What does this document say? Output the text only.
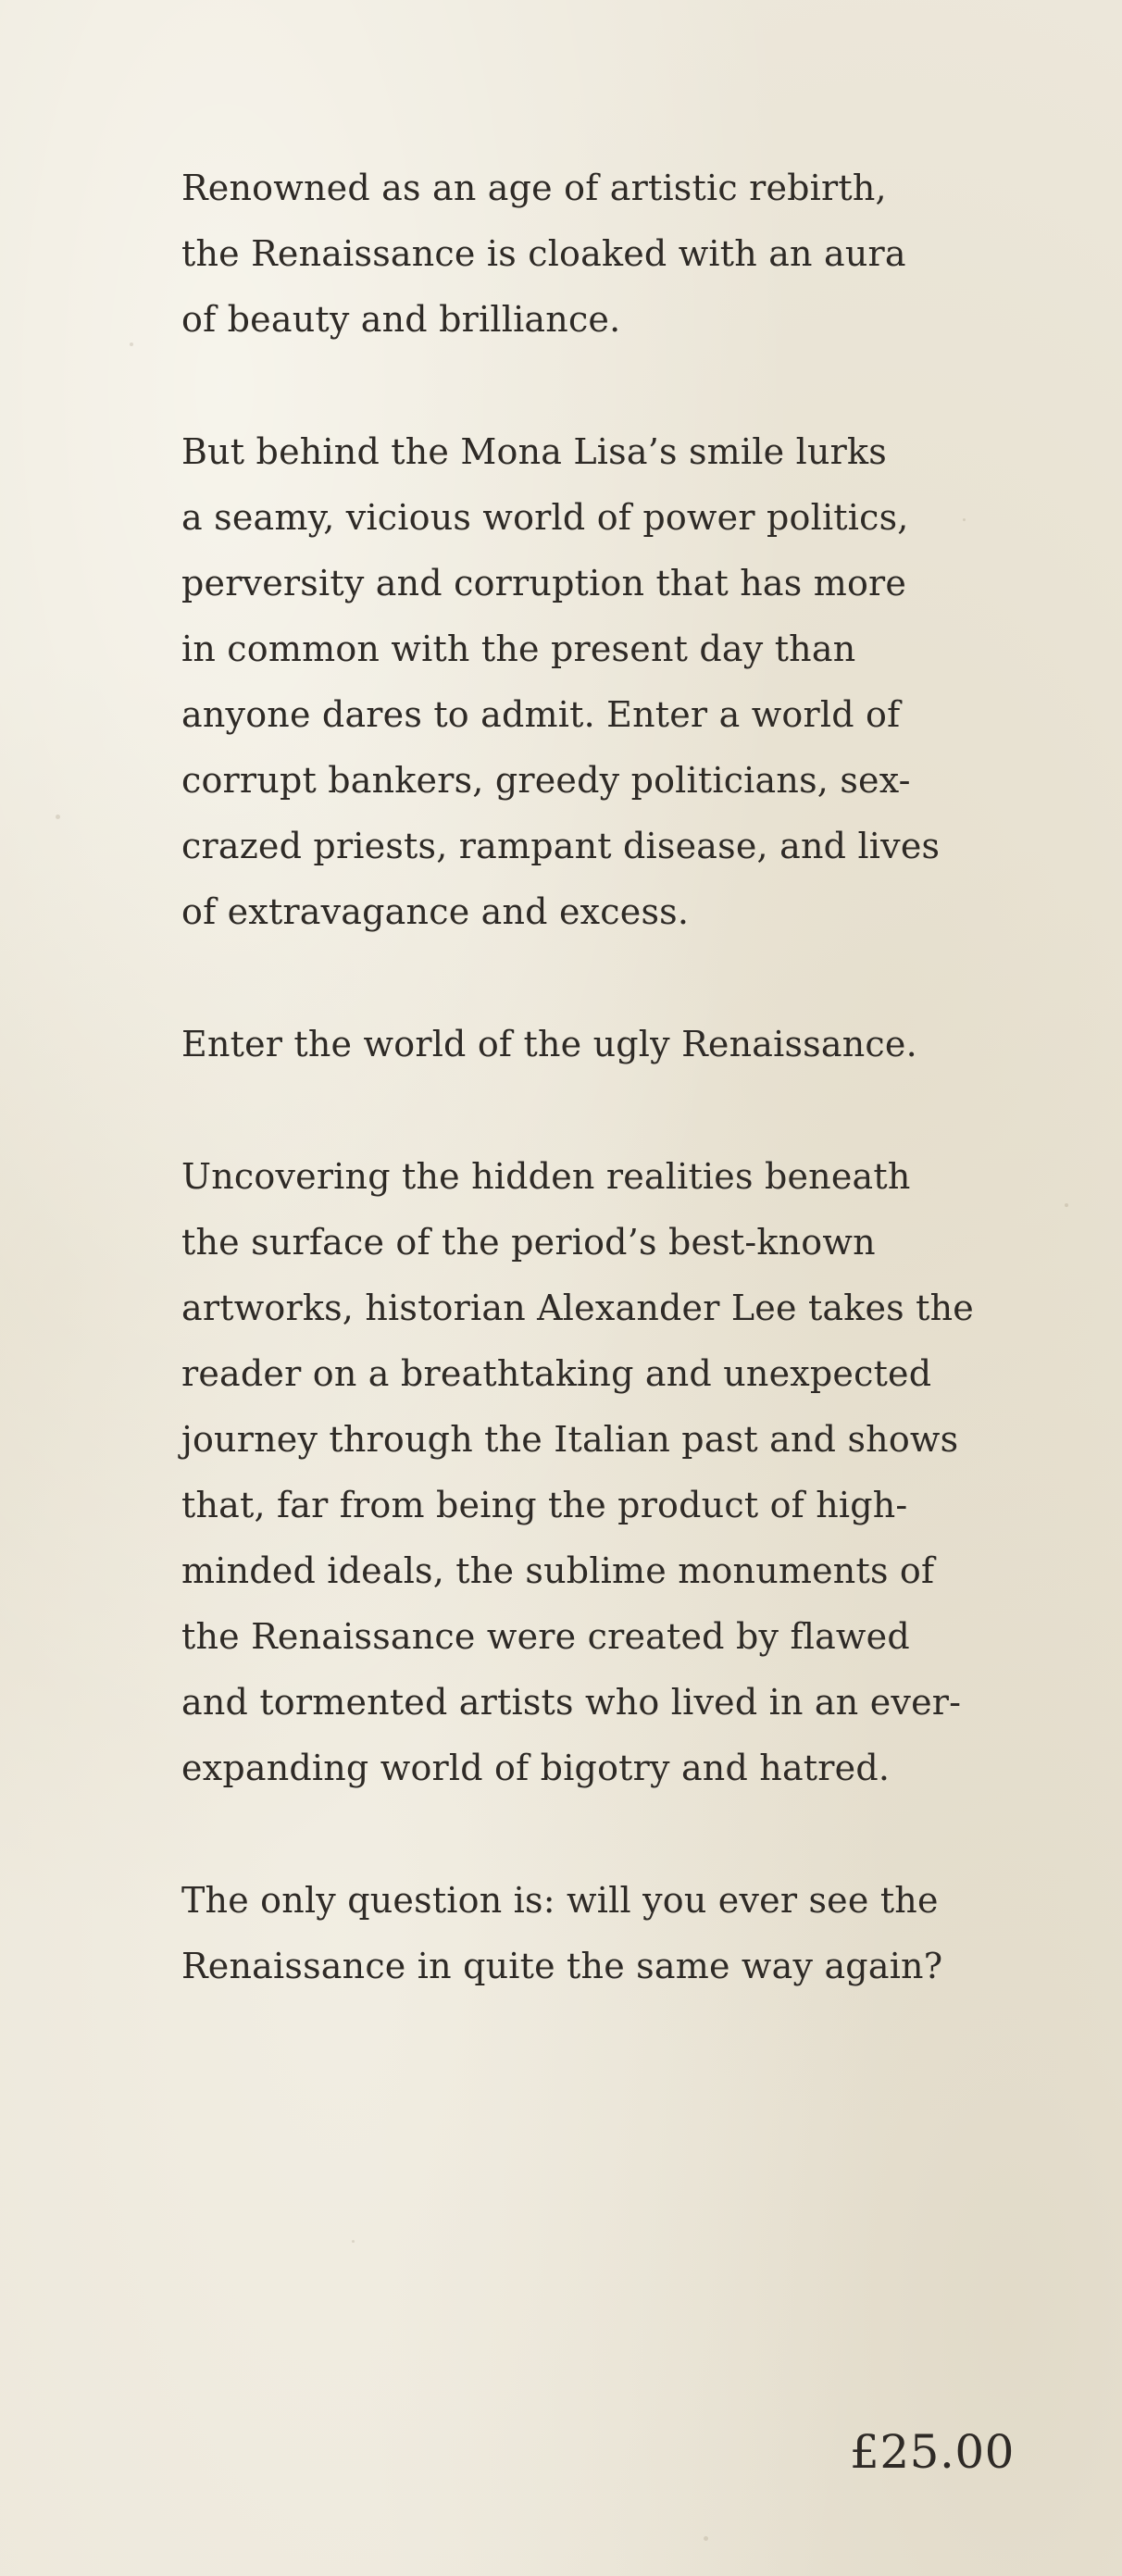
Renowned as an age of artistic rebirth,
the Renaissance is cloaked with an aura
of beauty and brilliance.

But behind the Mona Lisa’s smile lurks
a seamy, vicious world of power politics,
perversity and corruption that has more
in common with the present day than
anyone dares to admit. Enter a world of
corrupt bankers, greedy politicians, sex-
crazed priests, rampant disease, and lives
of extravagance and excess.

Enter the world of the ugly Renaissance.

Uncovering the hidden realities beneath
the surface of the period’s best-known
artworks, historian Alexander Lee takes the
reader on a breathtaking and unexpected
journey through the Italian past and shows
that, far from being the product of high-
minded ideals, the sublime monuments of
the Renaissance were created by flawed
and tormented artists who lived in an ever-
expanding world of bigotry and hatred.

The only question is: will you ever see the
Renaissance in quite the same way again?

£25.00
